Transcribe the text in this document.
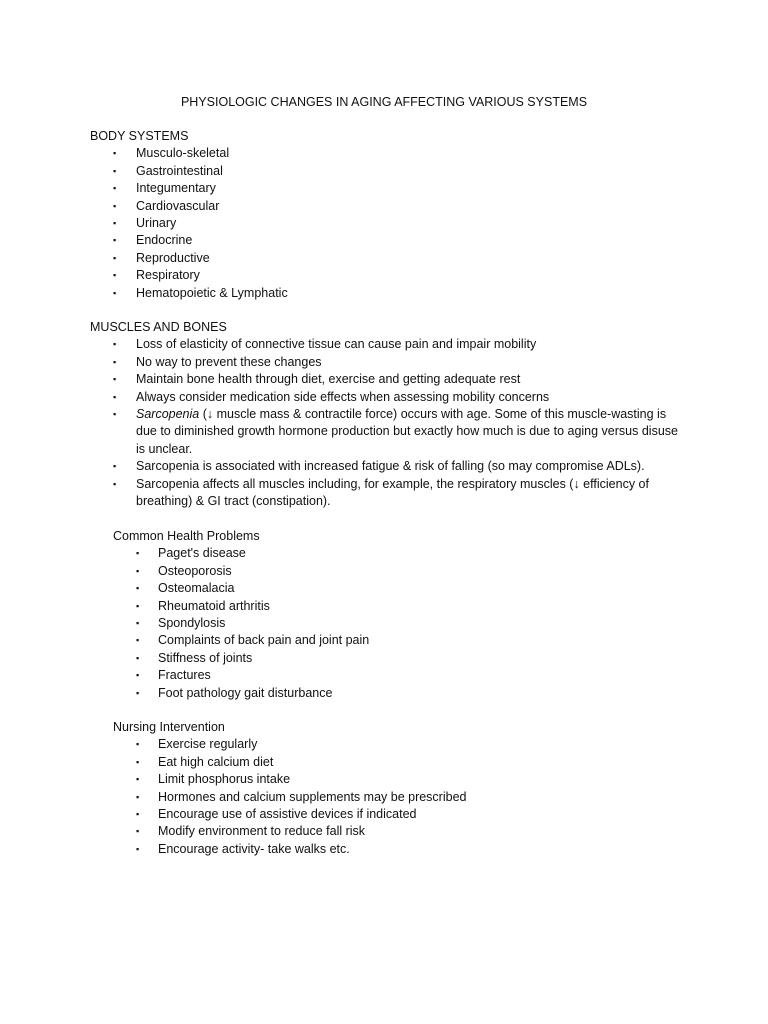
PHYSIOLOGIC CHANGES IN AGING AFFECTING VARIOUS SYSTEMS
BODY SYSTEMS
▪ Musculo-skeletal
▪ Gastrointestinal
▪ Integumentary
▪ Cardiovascular
▪ Urinary
▪ Endocrine
▪ Reproductive
▪ Respiratory
▪ Hematopoietic & Lymphatic
MUSCLES AND BONES
▪ Loss of elasticity of connective tissue can cause pain and impair mobility
▪ No way to prevent these changes
▪ Maintain bone health through diet, exercise and getting adequate rest
▪ Always consider medication side effects when assessing mobility concerns
▪ Sarcopenia (↓ muscle mass & contractile force) occurs with age. Some of this muscle-wasting is due to diminished growth hormone production but exactly how much is due to aging versus disuse is unclear.
▪ Sarcopenia is associated with increased fatigue & risk of falling (so may compromise ADLs).
▪ Sarcopenia affects all muscles including, for example, the respiratory muscles (↓ efficiency of breathing) & GI tract (constipation).
Common Health Problems
▪ Paget's disease
▪ Osteoporosis
▪ Osteomalacia
▪ Rheumatoid arthritis
▪ Spondylosis
▪ Complaints of back pain and joint pain
▪ Stiffness of joints
▪ Fractures
▪ Foot pathology gait disturbance
Nursing Intervention
▪ Exercise regularly
▪ Eat high calcium diet
▪ Limit phosphorus intake
▪ Hormones and calcium supplements may be prescribed
▪ Encourage use of assistive devices if indicated
▪ Modify environment to reduce fall risk
▪ Encourage activity- take walks etc.
